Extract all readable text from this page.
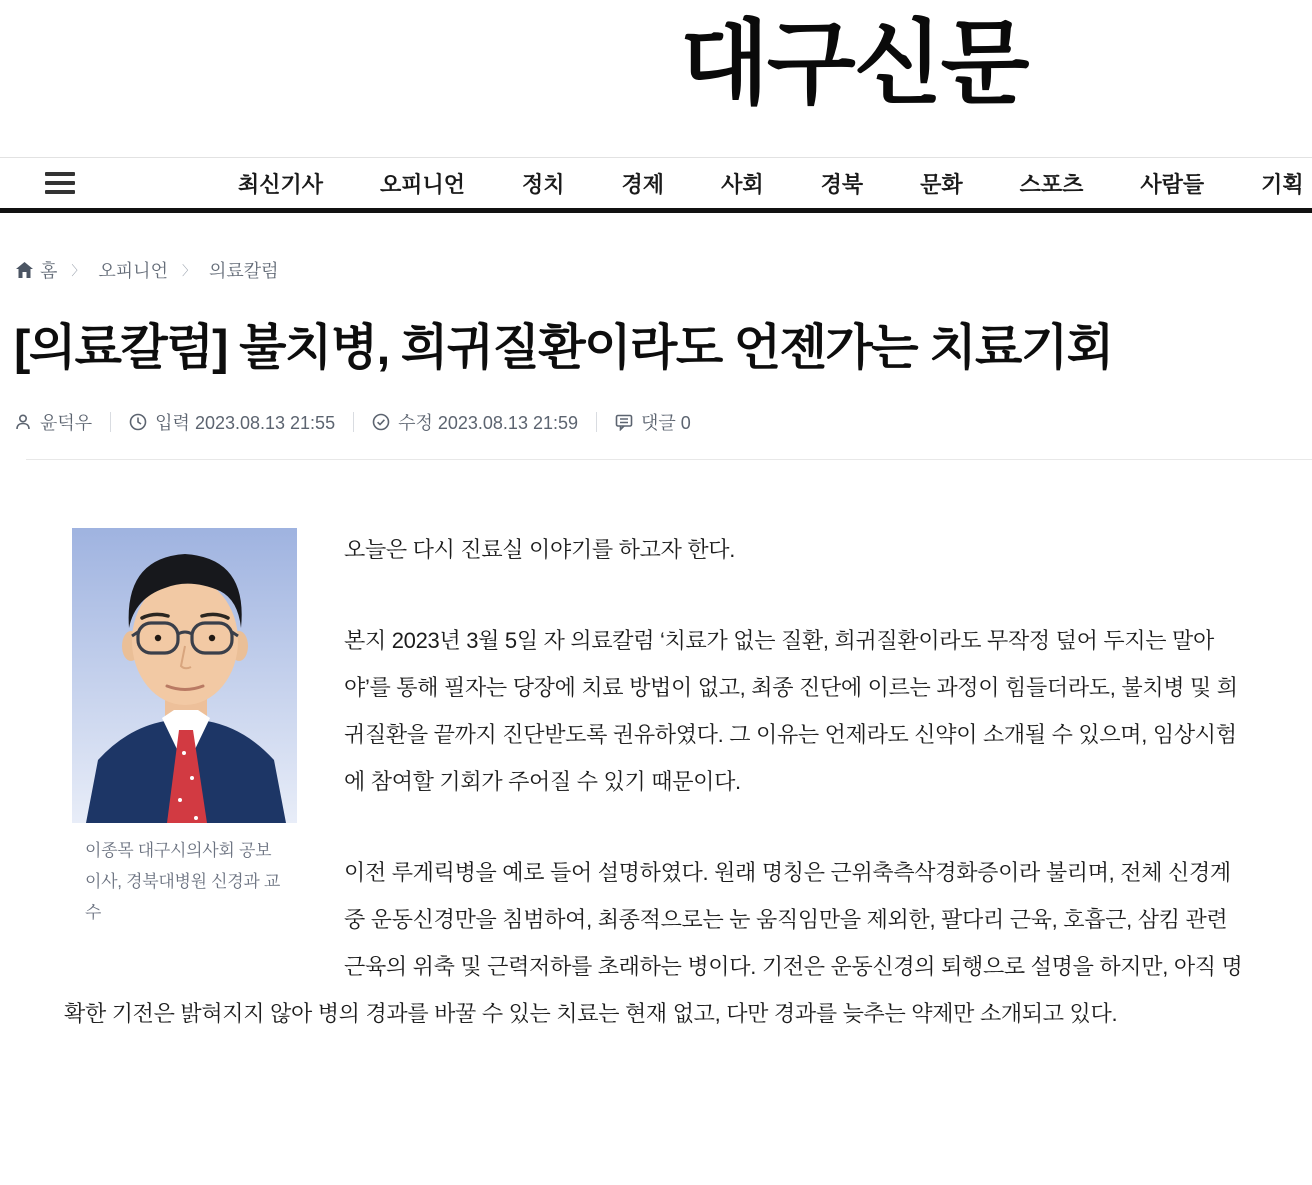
대구신문
최신기사	오피니언	정치	경제	사회	경북	문화	스포츠	사람들	기획
홈 〉 오피니언 〉 의료칼럼
[의료칼럼] 불치병, 희귀질환이라도 언젠가는 치료기회
윤덕우	입력 2023.08.13 21:55	수정 2023.08.13 21:59	댓글 0
이종목 대구시의사회 공보이사, 경북대병원 신경과 교수

오늘은 다시 진료실 이야기를 하고자 한다.

본지 2023년 3월 5일 자 의료칼럼 ‘치료가 없는 질환, 희귀질환이라도 무작정 덮어 두지는 말아야’를 통해 필자는 당장에 치료 방법이 없고, 최종 진단에 이르는 과정이 힘들더라도, 불치병 및 희귀질환을 끝까지 진단받도록 권유하였다. 그 이유는 언제라도 신약이 소개될 수 있으며, 임상시험에 참여할 기회가 주어질 수 있기 때문이다.

이전 루게릭병을 예로 들어 설명하였다. 원래 명칭은 근위축측삭경화증이라 불리며, 전체 신경계 중 운동신경만을 침범하여, 최종적으로는 눈 움직임만을 제외한, 팔다리 근육, 호흡근, 삼킴 관련 근육의 위축 및 근력저하를 초래하는 병이다. 기전은 운동신경의 퇴행으로 설명을 하지만, 아직 명확한 기전은 밝혀지지 않아 병의 경과를 바꿀 수 있는 치료는 현재 없고, 다만 경과를 늦추는 약제만 소개되고 있다.
